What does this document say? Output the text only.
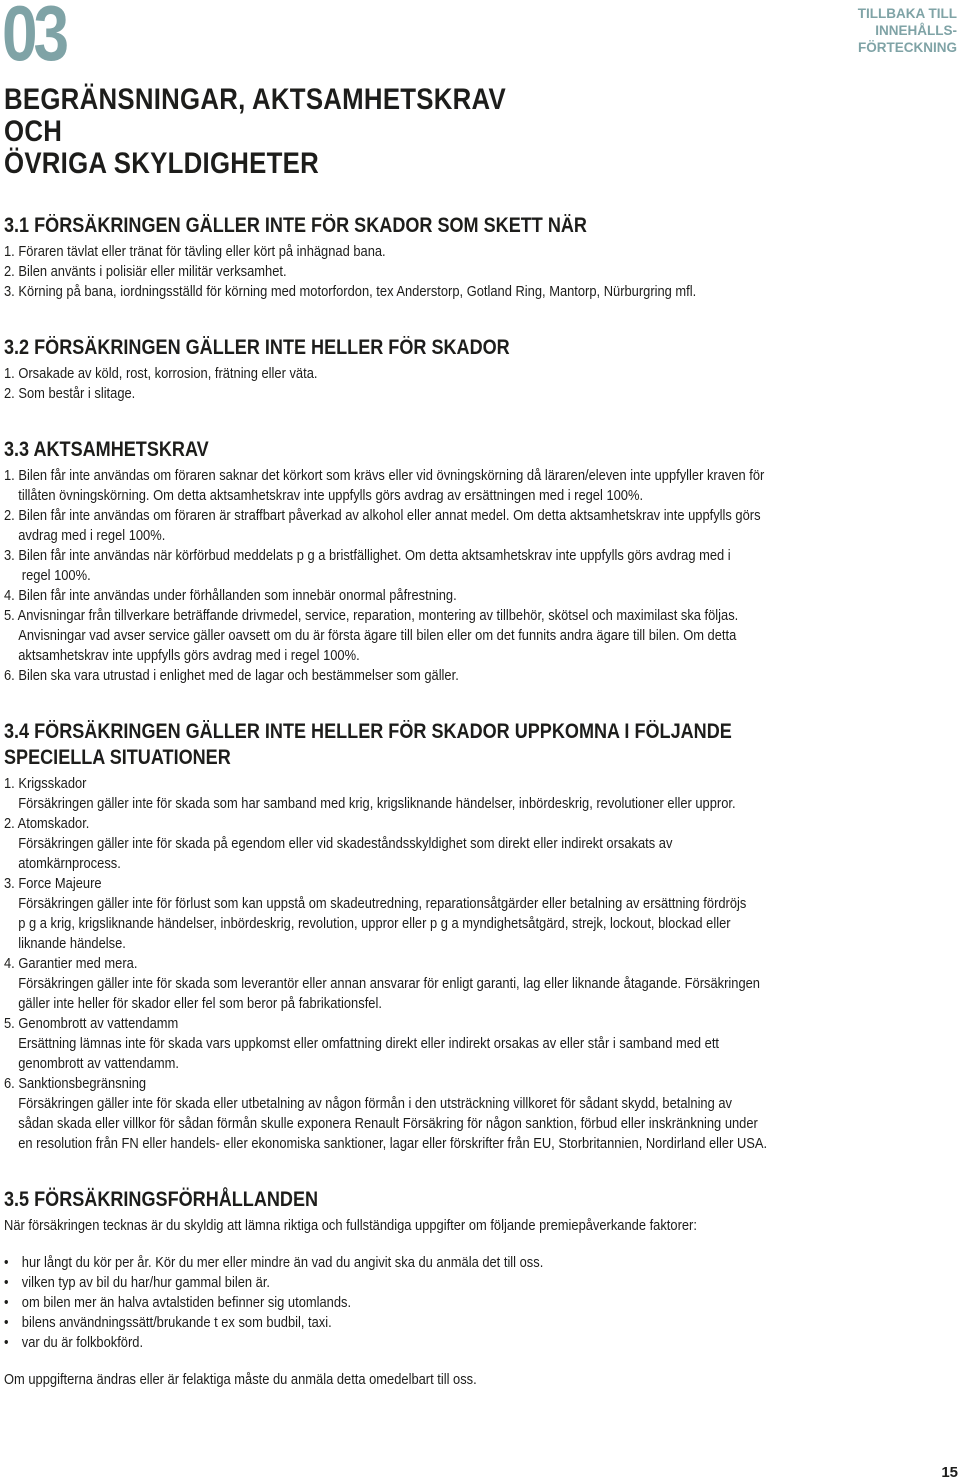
03	TILLBAKA TILL
INNEHÅLLS-
FÖRTECKNING
BEGRÄNSNINGAR, AKTSAMHETSKRAV OCH
ÖVRIGA SKYLDIGHETER
3.1 FÖRSÄKRINGEN GÄLLER INTE FÖR SKADOR SOM SKETT NÄR
1. Föraren tävlat eller tränat för tävling eller kört på inhägnad bana.
2. Bilen använts i polisiär eller militär verksamhet.
3. Körning på bana, iordningsställd för körning med motorfordon, tex Anderstorp, Gotland Ring, Mantorp, Nürburgring mfl.
3.2 FÖRSÄKRINGEN GÄLLER INTE HELLER FÖR SKADOR
1. Orsakade av köld, rost, korrosion, frätning eller väta.
2. Som består i slitage.
3.3 AKTSAMHETSKRAV
1. Bilen får inte användas om föraren saknar det körkort som krävs eller vid övningskörning då läraren/eleven inte uppfyller kraven för
tillåten övningskörning. Om detta aktsamhetskrav inte uppfylls görs avdrag av ersättningen med i regel 100%.
2. Bilen får inte användas om föraren är straffbart påverkad av alkohol eller annat medel. Om detta aktsamhetskrav inte uppfylls görs
avdrag med i regel 100%.
3. Bilen får inte användas när körförbud meddelats p g a bristfällighet. Om detta aktsamhetskrav inte uppfylls görs avdrag med i
regel 100%.
4. Bilen får inte användas under förhållanden som innebär onormal påfrestning.
5. Anvisningar från tillverkare beträffande drivmedel, service, reparation, montering av tillbehör, skötsel och maximilast ska följas.
Anvisningar vad avser service gäller oavsett om du är första ägare till bilen eller om det funnits andra ägare till bilen. Om detta
aktsamhetskrav inte uppfylls görs avdrag med i regel 100%.
6. Bilen ska vara utrustad i enlighet med de lagar och bestämmelser som gäller.
3.4 FÖRSÄKRINGEN GÄLLER INTE HELLER FÖR SKADOR UPPKOMNA I FÖLJANDE
SPECIELLA SITUATIONER
1. Krigsskador
Försäkringen gäller inte för skada som har samband med krig, krigsliknande händelser, inbördeskrig, revolutioner eller uppror.
2. Atomskador.
Försäkringen gäller inte för skada på egendom eller vid skadeståndsskyldighet som direkt eller indirekt orsakats av
atomkärnprocess.
3. Force Majeure
Försäkringen gäller inte för förlust som kan uppstå om skadeutredning, reparationsåtgärder eller betalning av ersättning fördröjs
p g a krig, krigsliknande händelser, inbördeskrig, revolution, uppror eller p g a myndighetsåtgärd, strejk, lockout, blockad eller
liknande händelse.
4. Garantier med mera.
Försäkringen gäller inte för skada som leverantör eller annan ansvarar för enligt garanti, lag eller liknande åtagande. Försäkringen
gäller inte heller för skador eller fel som beror på fabrikationsfel.
5. Genombrott av vattendamm
Ersättning lämnas inte för skada vars uppkomst eller omfattning direkt eller indirekt orsakas av eller står i samband med ett
genombrott av vattendamm.
6. Sanktionsbegränsning
Försäkringen gäller inte för skada eller utbetalning av någon förmån i den utsträckning villkoret för sådant skydd, betalning av
sådan skada eller villkor för sådan förmån skulle exponera Renault Försäkring för någon sanktion, förbud eller inskränkning under
en resolution från FN eller handels- eller ekonomiska sanktioner, lagar eller förskrifter från EU, Storbritannien, Nordirland eller USA.
3.5 FÖRSÄKRINGSFÖRHÅLLANDEN
När försäkringen tecknas är du skyldig att lämna riktiga och fullständiga uppgifter om följande premiepåverkande faktorer:
• hur långt du kör per år. Kör du mer eller mindre än vad du angivit ska du anmäla det till oss.
• vilken typ av bil du har/hur gammal bilen är.
• om bilen mer än halva avtalstiden befinner sig utomlands.
• bilens användningssätt/brukande t ex som budbil, taxi.
• var du är folkbokförd.
Om uppgifterna ändras eller är felaktiga måste du anmäla detta omedelbart till oss.
15
